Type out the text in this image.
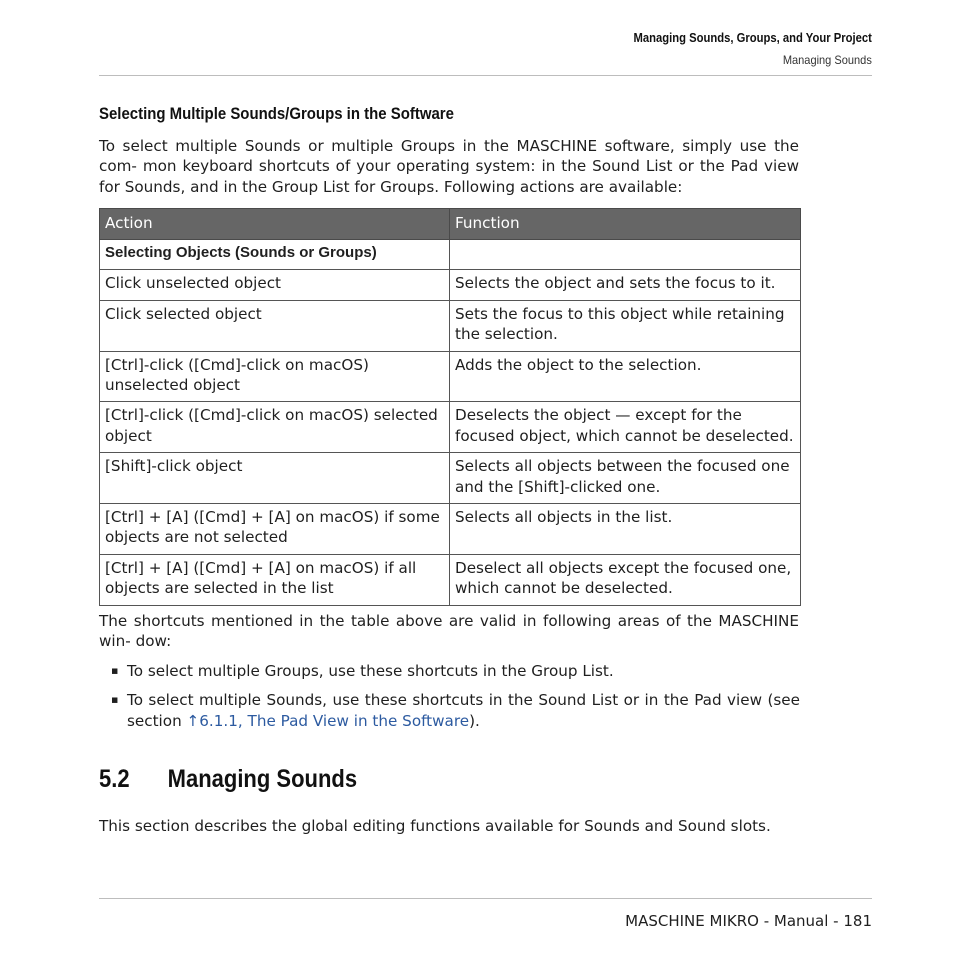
Managing Sounds, Groups, and Your Project
Managing Sounds
Selecting Multiple Sounds/Groups in the Software
To select multiple Sounds or multiple Groups in the MASCHINE software, simply use the com- mon keyboard shortcuts of your operating system: in the Sound List or the Pad view for Sounds, and in the Group List for Groups. Following actions are available:
Action	Function
Selecting Objects (Sounds or Groups)	
Click unselected object	Selects the object and sets the focus to it.
Click selected object	Sets the focus to this object while retaining the selection.
[Ctrl]-click ([Cmd]-click on macOS) unselected object	Adds the object to the selection.
[Ctrl]-click ([Cmd]-click on macOS) selected object	Deselects the object — except for the focused object, which cannot be deselected.
[Shift]-click object	Selects all objects between the focused one and the [Shift]-clicked one.
[Ctrl] + [A] ([Cmd] + [A] on macOS) if some objects are not selected	Selects all objects in the list.
[Ctrl] + [A] ([Cmd] + [A] on macOS) if all objects are selected in the list	Deselect all objects except the focused one, which cannot be deselected.
The shortcuts mentioned in the table above are valid in following areas of the MASCHINE win- dow:
▪ To select multiple Groups, use these shortcuts in the Group List.
▪ To select multiple Sounds, use these shortcuts in the Sound List or in the Pad view (see section ↑6.1.1, The Pad View in the Software).
5.2 Managing Sounds
This section describes the global editing functions available for Sounds and Sound slots.
MASCHINE MIKRO - Manual - 181
